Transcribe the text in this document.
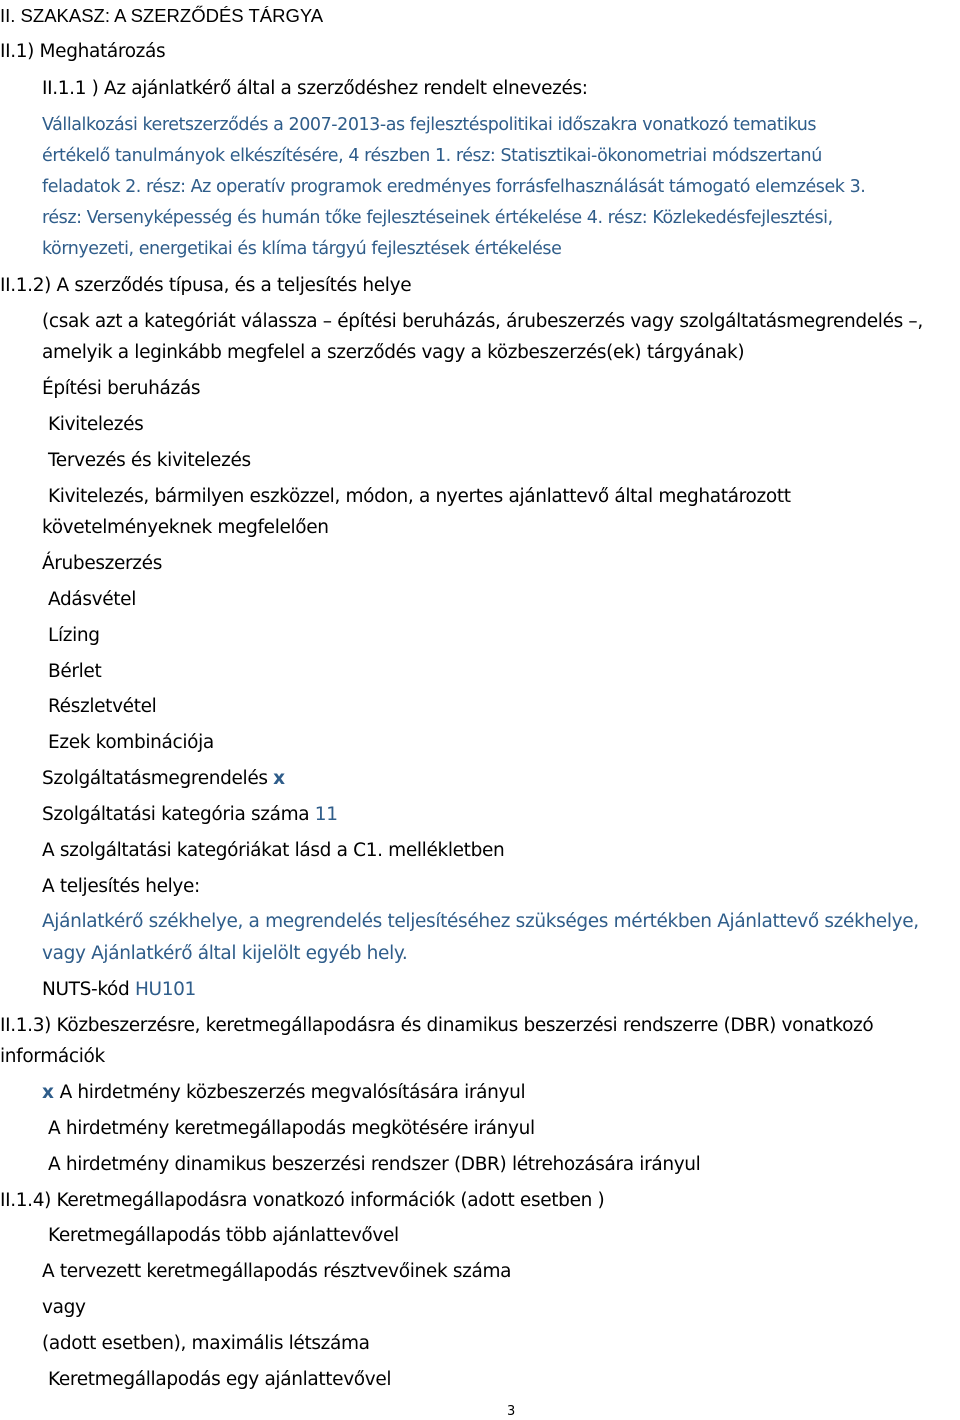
II. SZAKASZ: A SZERZŐDÉS TÁRGYA
II.1) Meghatározás
II.1.1 ) Az ajánlatkérő által a szerződéshez rendelt elnevezés:
Vállalkozási keretszerződés a 2007-2013-as fejlesztéspolitikai időszakra vonatkozó tematikus
értékelő tanulmányok elkészítésére, 4 részben 1. rész: Statisztikai-ökonometriai módszertanú
feladatok 2. rész: Az operatív programok eredményes forrásfelhasználását támogató elemzések 3.
rész: Versenyképesség és humán tőke fejlesztéseinek értékelése 4. rész: Közlekedésfejlesztési,
környezeti, energetikai és klíma tárgyú fejlesztések értékelése
II.1.2) A szerződés típusa, és a teljesítés helye
(csak azt a kategóriát válassza – építési beruházás, árubeszerzés vagy szolgáltatásmegrendelés –,
amelyik a leginkább megfelel a szerződés vagy a közbeszerzés(ek) tárgyának)
Építési beruházás
Kivitelezés
Tervezés és kivitelezés
Kivitelezés, bármilyen eszközzel, módon, a nyertes ajánlattevő által meghatározott
követelményeknek megfelelően
Árubeszerzés
Adásvétel
Lízing
Bérlet
Részletvétel
Ezek kombinációja
Szolgáltatásmegrendelés x
Szolgáltatási kategória száma 11
A szolgáltatási kategóriákat lásd a C1. mellékletben
A teljesítés helye:
Ajánlatkérő székhelye, a megrendelés teljesítéséhez szükséges mértékben Ajánlattevő székhelye,
vagy Ajánlatkérő által kijelölt egyéb hely.
NUTS-kód HU101
II.1.3) Közbeszerzésre, keretmegállapodásra és dinamikus beszerzési rendszerre (DBR) vonatkozó
információk
x A hirdetmény közbeszerzés megvalósítására irányul
A hirdetmény keretmegállapodás megkötésére irányul
A hirdetmény dinamikus beszerzési rendszer (DBR) létrehozására irányul
II.1.4) Keretmegállapodásra vonatkozó információk (adott esetben )
Keretmegállapodás több ajánlattevővel
A tervezett keretmegállapodás résztvevőinek száma
vagy
(adott esetben), maximális létszáma
Keretmegállapodás egy ajánlattevővel
3
